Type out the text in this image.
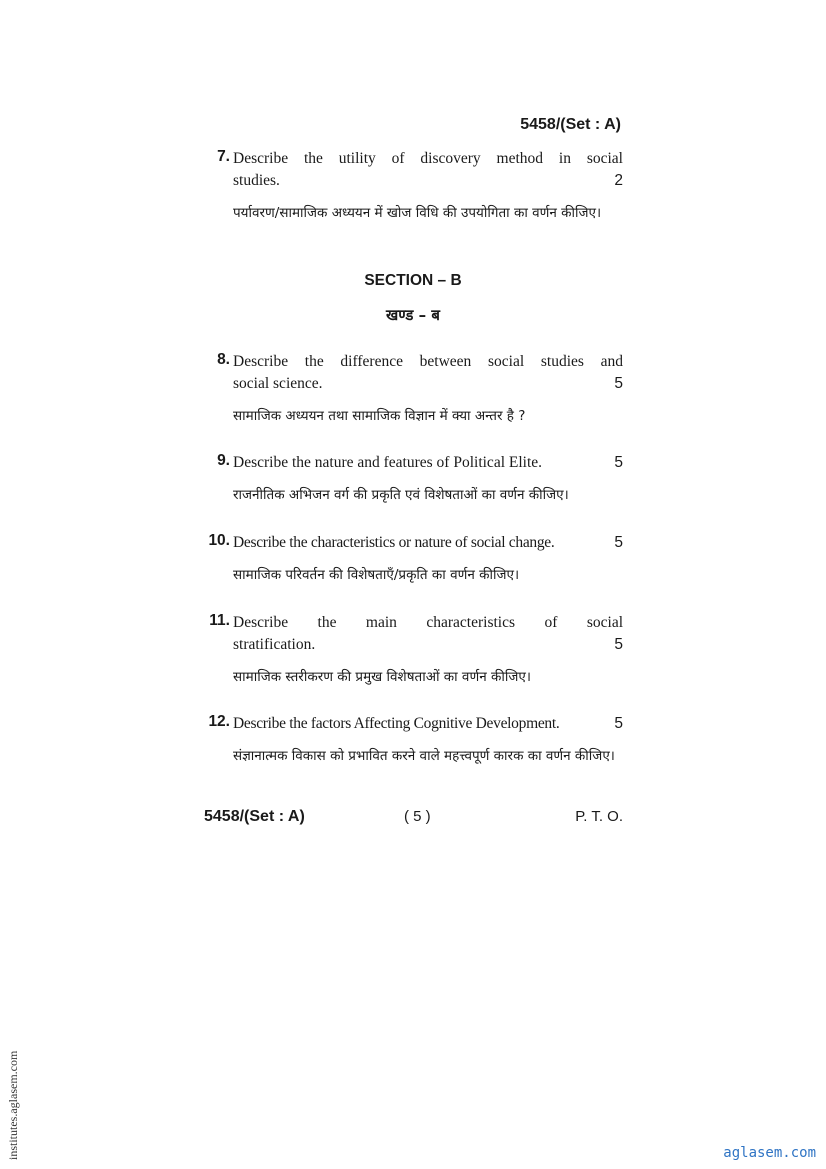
5458/(Set : A)
7. Describe the utility of discovery method in social
studies.	2
पर्यावरण/सामाजिक अध्ययन में खोज विधि की उपयोगिता का वर्णन कीजिए।
SECTION – B
खण्ड – ब
8. Describe the difference between social studies and
social science.	5
सामाजिक अध्ययन तथा सामाजिक विज्ञान में क्या अन्तर है ?
9. Describe the nature and features of Political Elite.	5
राजनीतिक अभिजन वर्ग की प्रकृति एवं विशेषताओं का वर्णन कीजिए।
10. Describe the characteristics or nature of social change.	5
सामाजिक परिवर्तन की विशेषताएँ/प्रकृति का वर्णन कीजिए।
11. Describe the main characteristics of social
stratification.	5
सामाजिक स्तरीकरण की प्रमुख विशेषताओं का वर्णन कीजिए।
12. Describe the factors Affecting Cognitive Development.	5
संज्ञानात्मक विकास को प्रभावित करने वाले महत्त्वपूर्ण कारक का वर्णन कीजिए।
5458/(Set : A)	( 5 )	P. T. O.
institutes.aglasem.com	aglasem.com
